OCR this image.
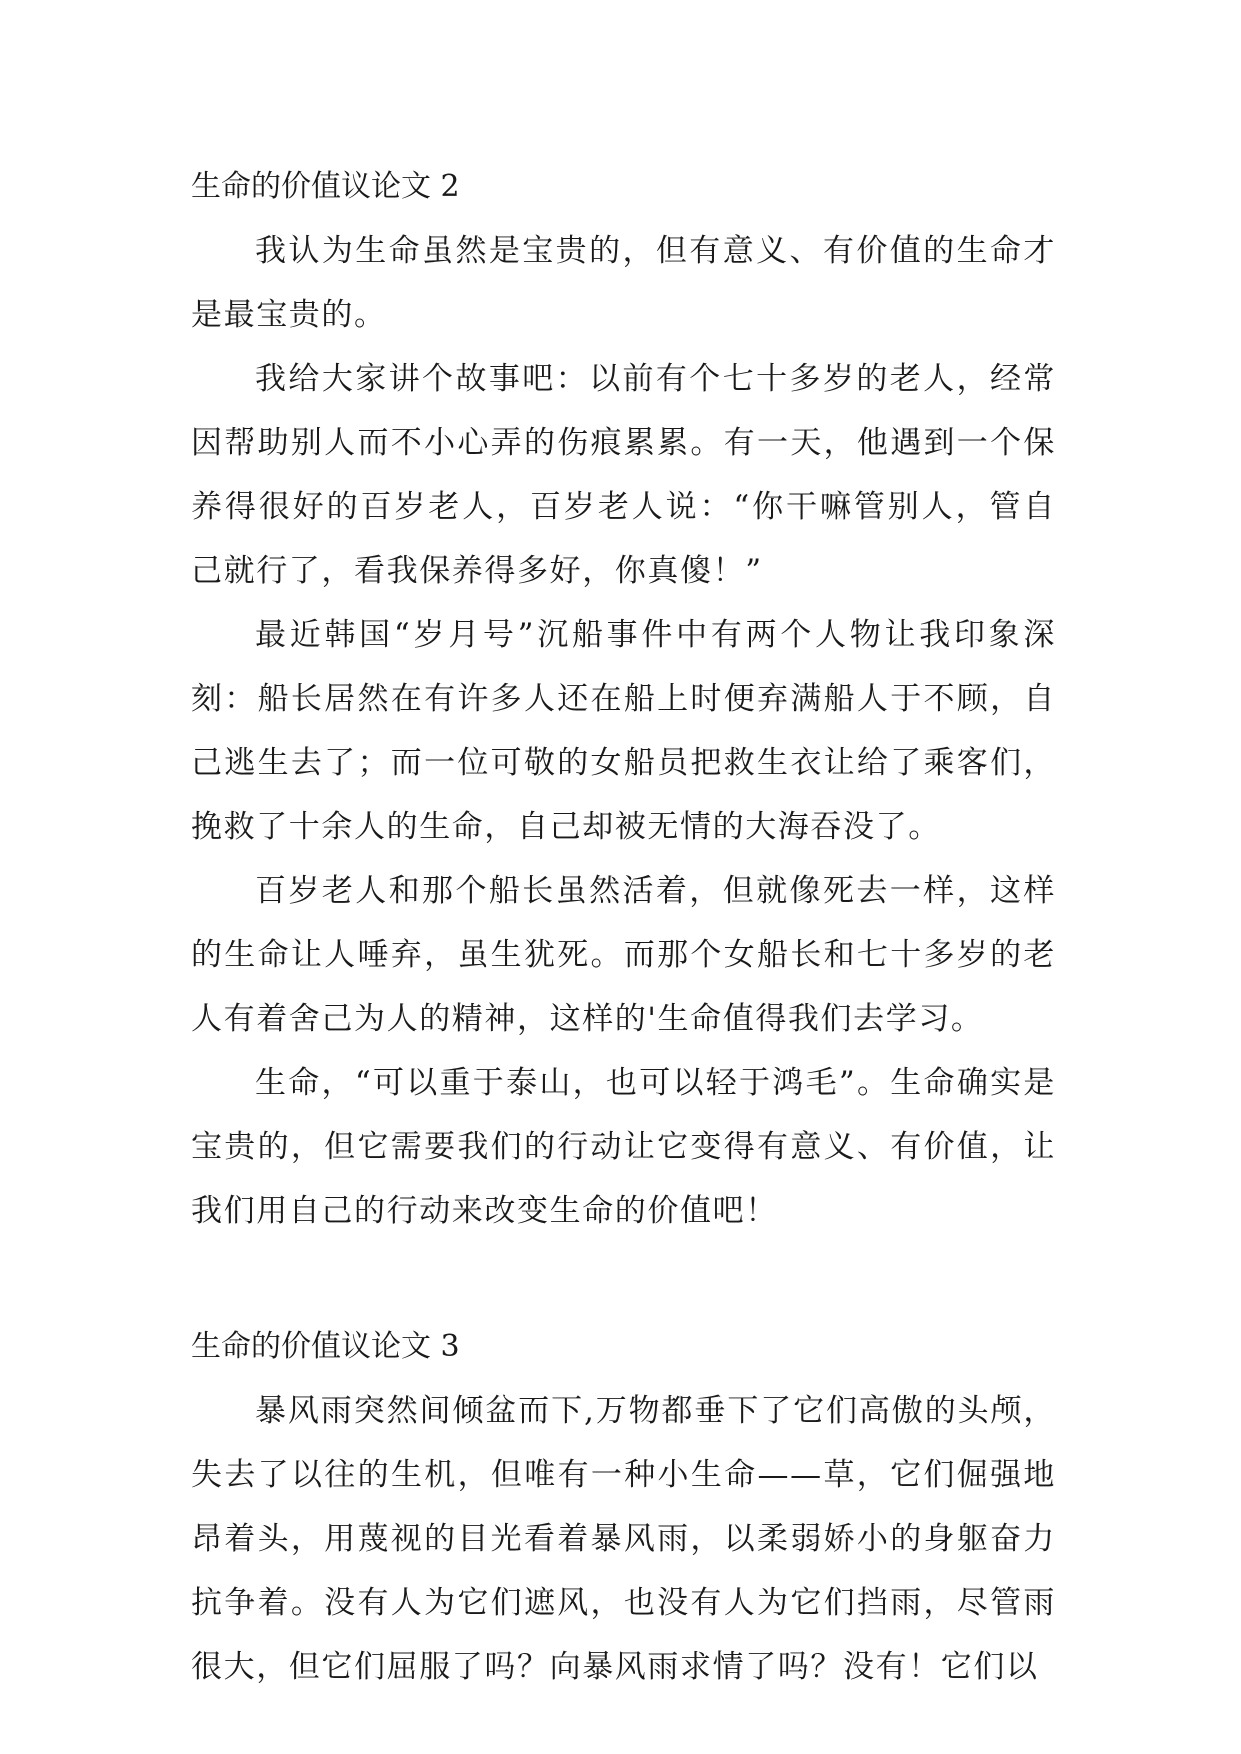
生命的价值议论文 2

我认为生命虽然是宝贵的，但有意义、有价值的生命才是最宝贵的。

我给大家讲个故事吧：以前有个七十多岁的老人，经常因帮助别人而不小心弄的伤痕累累。有一天，他遇到一个保养得很好的百岁老人，百岁老人说：“你干嘛管别人，管自己就行了，看我保养得多好，你真傻！”

最近韩国“岁月号”沉船事件中有两个人物让我印象深刻：船长居然在有许多人还在船上时便弃满船人于不顾，自己逃生去了；而一位可敬的女船员把救生衣让给了乘客们，挽救了十余人的生命，自己却被无情的大海吞没了。

百岁老人和那个船长虽然活着，但就像死去一样，这样的生命让人唾弃，虽生犹死。而那个女船长和七十多岁的老人有着舍己为人的精神，这样的'生命值得我们去学习。

生命，“可以重于泰山，也可以轻于鸿毛”。生命确实是宝贵的，但它需要我们的行动让它变得有意义、有价值，让我们用自己的行动来改变生命的价值吧！

生命的价值议论文 3

暴风雨突然间倾盆而下,万物都垂下了它们高傲的头颅，失去了以往的生机，但唯有一种小生命——草，它们倔强地昂着头，用蔑视的目光看着暴风雨，以柔弱娇小的身躯奋力抗争着。没有人为它们遮风，也没有人为它们挡雨，尽管雨很大，但它们屈服了吗？向暴风雨求情了吗？没有！它们以
